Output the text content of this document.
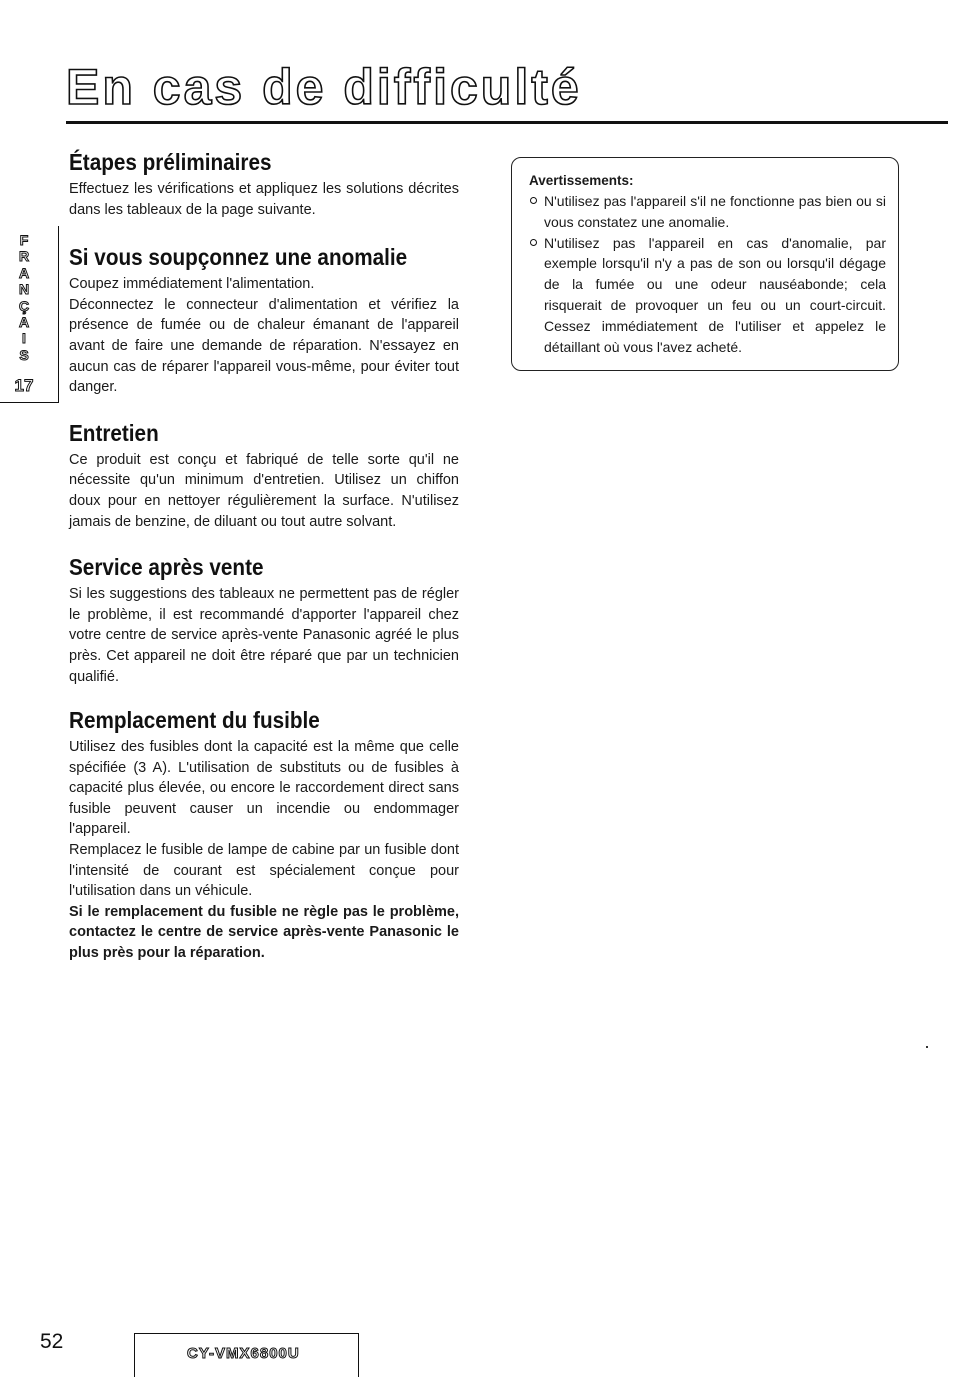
En cas de difficulté
F
R
A
N
Ç
A
I
S
17
Étapes préliminaires

Effectuez les vérifications et appliquez les solutions décrites dans les tableaux de la page suivante.

Si vous soupçonnez une anomalie

Coupez immédiatement l'alimentation.

Déconnectez le connecteur d'alimentation et vérifiez la présence de fumée ou de chaleur émanant de l'appareil avant de faire une demande de réparation. N'essayez en aucun cas de réparer l'appareil vous-même, pour éviter tout danger.

Entretien

Ce produit est conçu et fabriqué de telle sorte qu'il ne nécessite qu'un minimum d'entretien. Utilisez un chiffon doux pour en nettoyer régulièrement la surface. N'utilisez jamais de benzine, de diluant ou tout autre solvant.

Service après vente

Si les suggestions des tableaux ne permettent pas de régler le problème, il est recommandé d'apporter l'appareil chez votre centre de service après-vente Panasonic agréé le plus près. Cet appareil ne doit être réparé que par un technicien qualifié.

Remplacement du fusible

Utilisez des fusibles dont la capacité est la même que celle spécifiée (3 A). L'utilisation de substituts ou de fusibles à capacité plus élevée, ou encore le raccordement direct sans fusible peuvent causer un incendie ou endommager l'appareil.

Remplacez le fusible de lampe de cabine par un fusible dont l'intensité de courant est spécialement conçue pour l'utilisation dans un véhicule.

Si le remplacement du fusible ne règle pas le problème, contactez le centre de service après-vente Panasonic le plus près pour la réparation.

Avertissements:

N'utilisez pas l'appareil s'il ne fonctionne pas bien ou si vous constatez une anomalie.
N'utilisez pas l'appareil en cas d'anomalie, par exemple lorsqu'il n'y a pas de son ou lorsqu'il dégage de la fumée ou une odeur nauséabonde; cela risquerait de provoquer un feu ou un court-circuit. Cessez immédiatement de l'utiliser et appelez le détaillant où vous l'avez acheté.
52
CY-VMX6800U
